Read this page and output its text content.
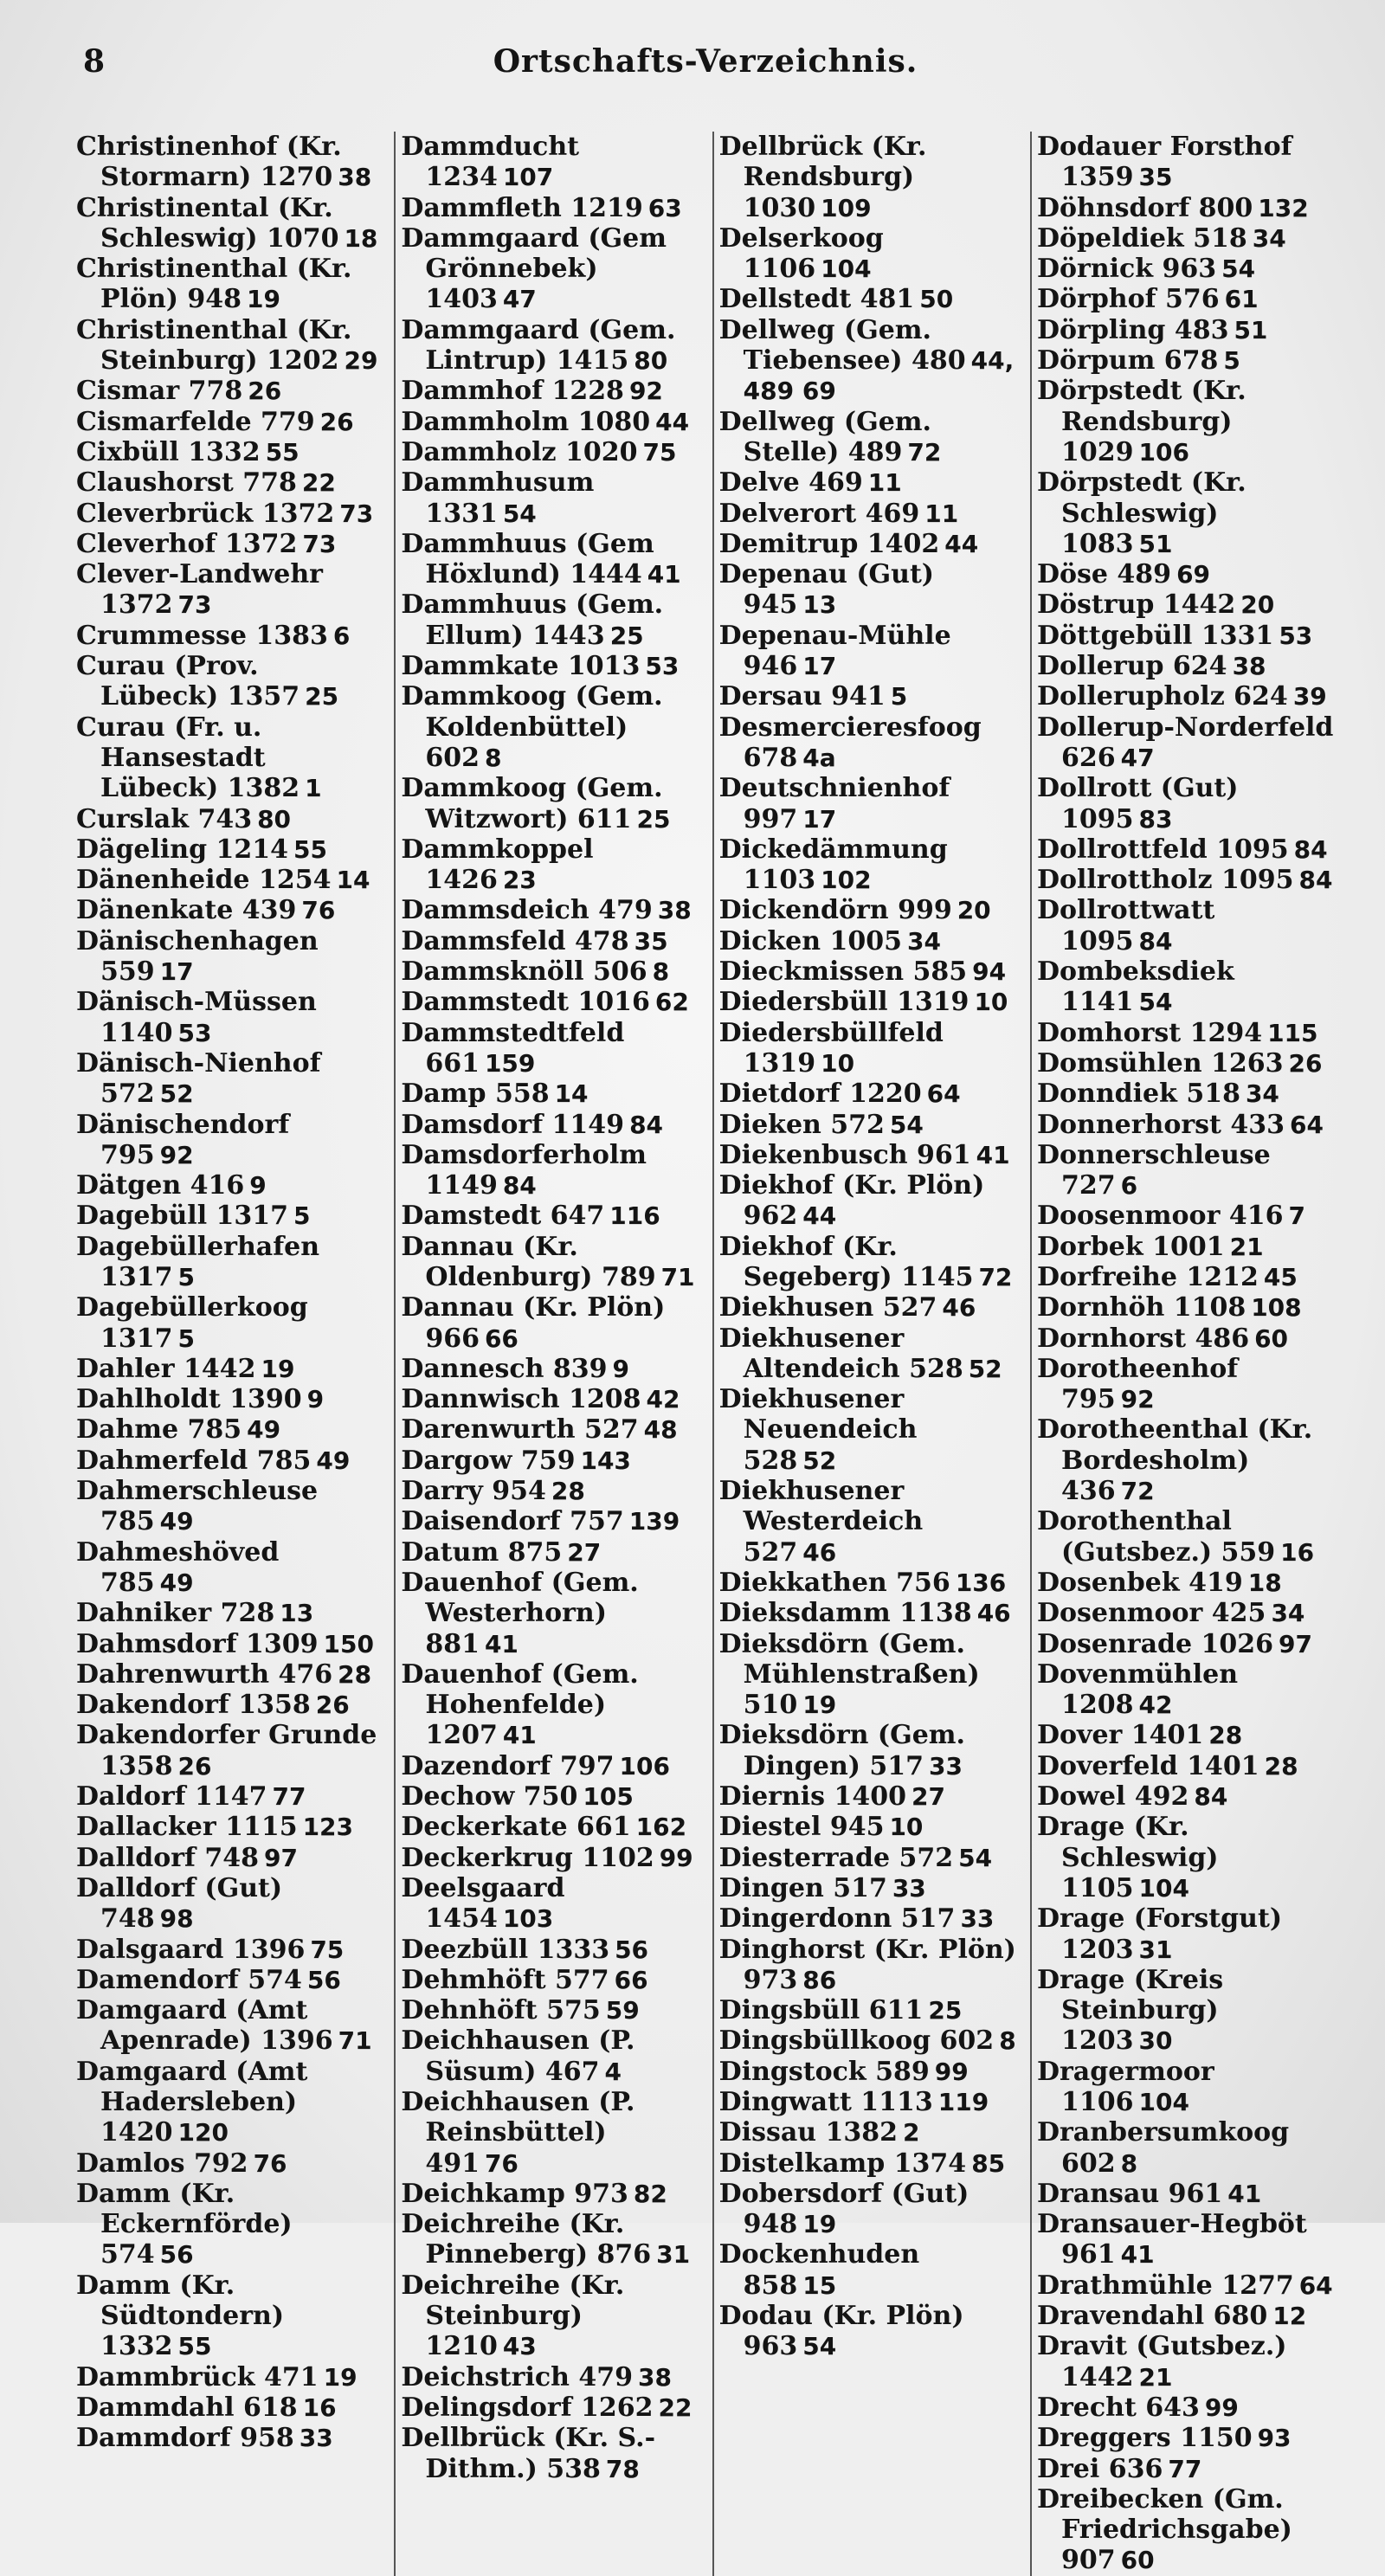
8	Ortschafts-Verzeichnis.
Christinenhof (Kr. Stormarn) 1270 38
Christinental (Kr. Schleswig) 1070 18
Christinenthal (Kr. Plön) 948 19
Christinenthal (Kr. Steinburg) 1202 29
Cismar 778 26
Cismarfelde 779 26
Cixbüll 1332 55
Claushorst 778 22
Cleverbrück 1372 73
Cleverhof 1372 73
Clever-Landwehr 1372 73
Crummesse 1383 6
Curau (Prov. Lübeck) 1357 25
Curau (Fr. u. Hansestadt Lübeck) 1382 1
Curslak 743 80
Dägeling 1214 55
Dänenheide 1254 14
Dänenkate 439 76
Dänischenhagen 559 17
Dänisch-Müssen 1140 53
Dänisch-Nienhof 572 52
Dänischendorf 795 92
Dätgen 416 9
Dagebüll 1317 5
Dagebüllerhafen 1317 5
Dagebüllerkoog 1317 5
Dahler 1442 19
Dahlholdt 1390 9
Dahme 785 49
Dahmerfeld 785 49
Dahmerschleuse 785 49
Dahmeshöved 785 49
Dahniker 728 13
Dahmsdorf 1309 150
Dahrenwurth 476 28
Dakendorf 1358 26
Dakendorfer Grunde 1358 26
Daldorf 1147 77
Dallacker 1115 123
Dalldorf 748 97
Dalldorf (Gut) 748 98
Dalsgaard 1396 75
Damendorf 574 56
Damgaard (Amt Apenrade) 1396 71
Damgaard (Amt Hadersleben) 1420 120
Damlos 792 76
Damm (Kr. Eckernförde) 574 56
Damm (Kr. Südtondern) 1332 55
Dammbrück 471 19
Dammdahl 618 16
Dammdorf 958 33
Dammducht 1234 107
Dammfleth 1219 63
Dammgaard (Gem Grönnebek) 1403 47
Dammgaard (Gem. Lintrup) 1415 80
Dammhof 1228 92
Dammholm 1080 44
Dammholz 1020 75
Dammhusum 1331 54
Dammhuus (Gem Höxlund) 1444 41
Dammhuus (Gem. Ellum) 1443 25
Dammkate 1013 53
Dammkoog (Gem. Koldenbüttel) 602 8
Dammkoog (Gem. Witzwort) 611 25
Dammkoppel 1426 23
Dammsdeich 479 38
Dammsfeld 478 35
Dammsknöll 506 8
Dammstedt 1016 62
Dammstedtfeld 661 159
Damp 558 14
Damsdorf 1149 84
Damsdorferholm 1149 84
Damstedt 647 116
Dannau (Kr. Oldenburg) 789 71
Dannau (Kr. Plön) 966 66
Dannesch 839 9
Dannwisch 1208 42
Darenwurth 527 48
Dargow 759 143
Darry 954 28
Daisendorf 757 139
Datum 875 27
Dauenhof (Gem. Westerhorn) 881 41
Dauenhof (Gem. Hohenfelde) 1207 41
Dazendorf 797 106
Dechow 750 105
Deckerkate 661 162
Deckerkrug 1102 99
Deelsgaard 1454 103
Deezbüll 1333 56
Dehmhöft 577 66
Dehnhöft 575 59
Deichhausen (P. Süsum) 467 4
Deichhausen (P. Reinsbüttel) 491 76
Deichkamp 973 82
Deichreihe (Kr. Pinneberg) 876 31
Deichreihe (Kr. Steinburg) 1210 43
Deichstrich 479 38
Delingsdorf 1262 22
Dellbrück (Kr. S.-Dithm.) 538 78
Dellbrück (Kr. Rendsburg) 1030 109
Delserkoog 1106 104
Dellstedt 481 50
Dellweg (Gem. Tiebensee) 480 44, 489 69
Dellweg (Gem. Stelle) 489 72
Delve 469 11
Delverort 469 11
Demitrup 1402 44
Depenau (Gut) 945 13
Depenau-Mühle 946 17
Dersau 941 5
Desmercieresfoog 678 4a
Deutschnienhof 997 17
Dickedämmung 1103 102
Dickendörn 999 20
Dicken 1005 34
Dieckmissen 585 94
Diedersbüll 1319 10
Diedersbüllfeld 1319 10
Dietdorf 1220 64
Dieken 572 54
Diekenbusch 961 41
Diekhof (Kr. Plön) 962 44
Diekhof (Kr. Segeberg) 1145 72
Diekhusen 527 46
Diekhusener Altendeich 528 52
Diekhusener Neuendeich 528 52
Diekhusener Westerdeich 527 46
Diekkathen 756 136
Dieksdamm 1138 46
Dieksdörn (Gem. Mühlenstraßen) 510 19
Dieksdörn (Gem. Dingen) 517 33
Diernis 1400 27
Diestel 945 10
Diesterrade 572 54
Dingen 517 33
Dingerdonn 517 33
Dinghorst (Kr. Plön) 973 86
Dingsbüll 611 25
Dingsbüllkoog 602 8
Dingstock 589 99
Dingwatt 1113 119
Dissau 1382 2
Distelkamp 1374 85
Dobersdorf (Gut) 948 19
Dockenhuden 858 15
Dodau (Kr. Plön) 963 54
Dodauer Forsthof 1359 35
Döhnsdorf 800 132
Döpeldiek 518 34
Dörnick 963 54
Dörphof 576 61
Dörpling 483 51
Dörpum 678 5
Dörpstedt (Kr. Rendsburg) 1029 106
Dörpstedt (Kr. Schleswig) 1083 51
Döse 489 69
Döstrup 1442 20
Döttgebüll 1331 53
Dollerup 624 38
Dollerupholz 624 39
Dollerup-Norderfeld 626 47
Dollrott (Gut) 1095 83
Dollrottfeld 1095 84
Dollrottholz 1095 84
Dollrottwatt 1095 84
Dombeksdiek 1141 54
Domhorst 1294 115
Domsühlen 1263 26
Donndiek 518 34
Donnerhorst 433 64
Donnerschleuse 727 6
Doosenmoor 416 7
Dorbek 1001 21
Dorfreihe 1212 45
Dornhöh 1108 108
Dornhorst 486 60
Dorotheenhof 795 92
Dorotheenthal (Kr. Bordesholm) 436 72
Dorothenthal (Gutsbez.) 559 16
Dosenbek 419 18
Dosenmoor 425 34
Dosenrade 1026 97
Dovenmühlen 1208 42
Dover 1401 28
Doverfeld 1401 28
Dowel 492 84
Drage (Kr. Schleswig) 1105 104
Drage (Forstgut) 1203 31
Drage (Kreis Steinburg) 1203 30
Dragermoor 1106 104
Dranbersumkoog 602 8
Dransau 961 41
Dransauer-Hegböt 961 41
Drathmühle 1277 64
Dravendahl 680 12
Dravit (Gutsbez.) 1442 21
Drecht 643 99
Dreggers 1150 93
Drei 636 77
Dreibecken (Gm. Friedrichsgabe) 907 60
